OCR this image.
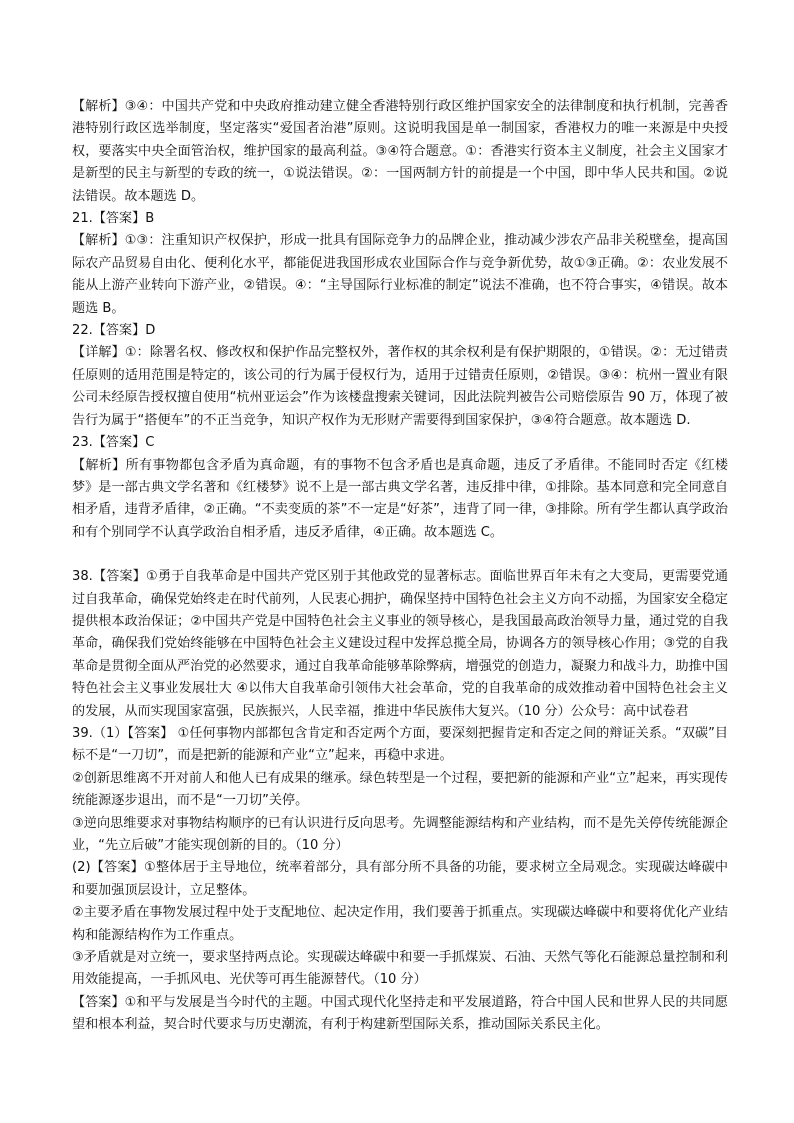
【解析】③④：中国共产党和中央政府推动建立健全香港特别行政区维护国家安全的法律制度和执行机制，完善香港特别行政区选举制度，坚定落实“爱国者治港”原则。这说明我国是单一制国家，香港权力的唯一来源是中央授权，要落实中央全面管治权，维护国家的最高利益。③④符合题意。①：香港实行资本主义制度，社会主义国家才是新型的民主与新型的专政的统一，①说法错误。②：一国两制方针的前提是一个中国，即中华人民共和国。②说法错误。故本题选 D。

21.【答案】B

【解析】①③：注重知识产权保护，形成一批具有国际竞争力的品牌企业，推动减少涉农产品非关税壁垒，提高国际农产品贸易自由化、便利化水平，都能促进我国形成农业国际合作与竞争新优势，故①③正确。②：农业发展不能从上游产业转向下游产业，②错误。④：“主导国际行业标准的制定”说法不准确，也不符合事实，④错误。故本题选 B。

22.【答案】D

【详解】①：除署名权、修改权和保护作品完整权外，著作权的其余权利是有保护期限的，①错误。②：无过错责任原则的适用范围是特定的，该公司的行为属于侵权行为，适用于过错责任原则，②错误。③④：杭州一置业有限公司未经原告授权擅自使用“杭州亚运会”作为该楼盘搜索关键词，因此法院判被告公司赔偿原告 90 万，体现了被告行为属于“搭便车”的不正当竞争，知识产权作为无形财产需要得到国家保护，③④符合题意。故本题选 D.

23.【答案】C

【解析】所有事物都包含矛盾为真命题，有的事物不包含矛盾也是真命题，违反了矛盾律。不能同时否定《红楼梦》是一部古典文学名著和《红楼梦》说不上是一部古典文学名著，违反排中律，①排除。基本同意和完全同意自相矛盾，违背矛盾律，②正确。“不卖变质的茶”不一定是“好茶”，违背了同一律，③排除。所有学生都认真学政治和有个别同学不认真学政治自相矛盾，违反矛盾律，④正确。故本题选 C。

38.【答案】①勇于自我革命是中国共产党区别于其他政党的显著标志。面临世界百年未有之大变局，更需要党通过自我革命，确保党始终走在时代前列，人民衷心拥护，确保坚持中国特色社会主义方向不动摇，为国家安全稳定提供根本政治保证；②中国共产党是中国特色社会主义事业的领导核心，是我国最高政治领导力量，通过党的自我革命，确保我们党始终能够在中国特色社会主义建设过程中发挥总揽全局，协调各方的领导核心作用；③党的自我革命是贯彻全面从严治党的必然要求，通过自我革命能够革除弊病，增强党的创造力，凝聚力和战斗力，助推中国特色社会主义事业发展壮大 ④以伟大自我革命引领伟大社会革命，党的自我革命的成效推动着中国特色社会主义的发展，从而实现国家富强，民族振兴，人民幸福，推进中华民族伟大复兴。（10 分）公众号：高中试卷君

39.（1）【答案】 ①任何事物内部都包含肯定和否定两个方面，要深刻把握肯定和否定之间的辩证关系。“双碳”目标不是“一刀切”，而是把新的能源和产业“立”起来，再稳中求进。

②创新思维离不开对前人和他人已有成果的继承。绿色转型是一个过程，要把新的能源和产业“立”起来，再实现传统能源逐步退出，而不是“一刀切”关停。

③逆向思维要求对事物结构顺序的已有认识进行反向思考。先调整能源结构和产业结构，而不是先关停传统能源企业，“先立后破”才能实现创新的目的。（10 分）

(2)【答案】①整体居于主导地位，统率着部分，具有部分所不具备的功能，要求树立全局观念。实现碳达峰碳中和要加强顶层设计，立足整体。

②主要矛盾在事物发展过程中处于支配地位、起决定作用，我们要善于抓重点。实现碳达峰碳中和要将优化产业结构和能源结构作为工作重点。

③矛盾就是对立统一，要求坚持两点论。实现碳达峰碳中和要一手抓煤炭、石油、天然气等化石能源总量控制和利用效能提高，一手抓风电、光伏等可再生能源替代。（10 分）

【答案】①和平与发展是当今时代的主题。中国式现代化坚持走和平发展道路，符合中国人民和世界人民的共同愿望和根本利益，契合时代要求与历史潮流，有利于构建新型国际关系，推动国际关系民主化。
